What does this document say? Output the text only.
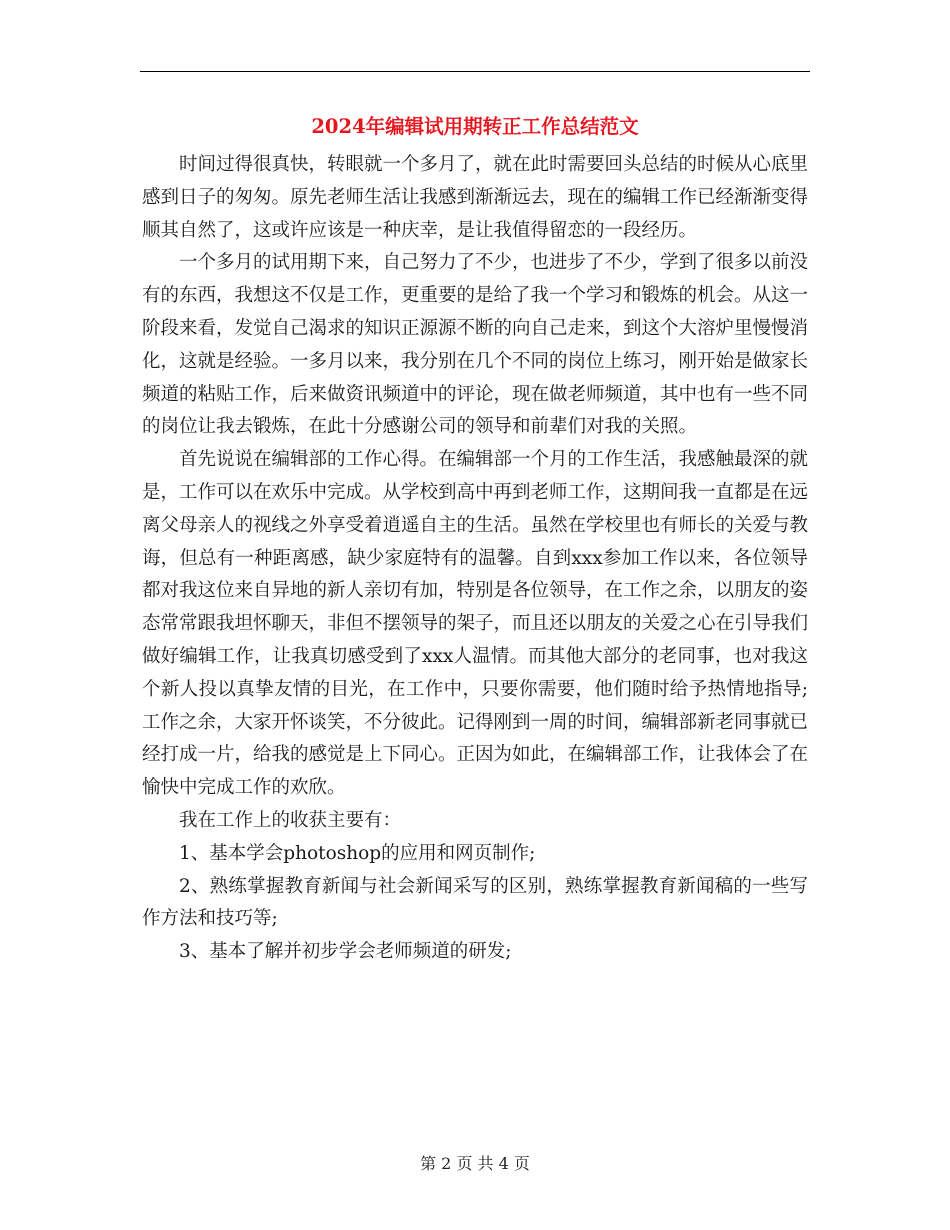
2024年编辑试用期转正工作总结范文

时间过得很真快，转眼就一个多月了，就在此时需要回头总结的时候从心底里感到日子的匆匆。原先老师生活让我感到渐渐远去，现在的编辑工作已经渐渐变得顺其自然了，这或许应该是一种庆幸，是让我值得留恋的一段经历。

一个多月的试用期下来，自己努力了不少，也进步了不少，学到了很多以前没有的东西，我想这不仅是工作，更重要的是给了我一个学习和锻炼的机会。从这一阶段来看，发觉自己渴求的知识正源源不断的向自己走来，到这个大溶炉里慢慢消化，这就是经验。一多月以来，我分别在几个不同的岗位上练习，刚开始是做家长频道的粘贴工作，后来做资讯频道中的评论，现在做老师频道，其中也有一些不同的岗位让我去锻炼，在此十分感谢公司的领导和前辈们对我的关照。

首先说说在编辑部的工作心得。在编辑部一个月的工作生活，我感触最深的就是，工作可以在欢乐中完成。从学校到高中再到老师工作，这期间我一直都是在远离父母亲人的视线之外享受着逍遥自主的生活。虽然在学校里也有师长的关爱与教诲，但总有一种距离感，缺少家庭特有的温馨。自到xxx参加工作以来，各位领导都对我这位来自异地的新人亲切有加，特别是各位领导，在工作之余，以朋友的姿态常常跟我坦怀聊天，非但不摆领导的架子，而且还以朋友的关爱之心在引导我们做好编辑工作，让我真切感受到了xxx人温情。而其他大部分的老同事，也对我这个新人投以真挚友情的目光，在工作中，只要你需要，他们随时给予热情地指导;工作之余，大家开怀谈笑，不分彼此。记得刚到一周的时间，编辑部新老同事就已经打成一片，给我的感觉是上下同心。正因为如此，在编辑部工作，让我体会了在愉快中完成工作的欢欣。

我在工作上的收获主要有：

1、基本学会photoshop的应用和网页制作;

2、熟练掌握教育新闻与社会新闻采写的区别，熟练掌握教育新闻稿的一些写作方法和技巧等;

3、基本了解并初步学会老师频道的研发;

第 2 页 共 4 页
